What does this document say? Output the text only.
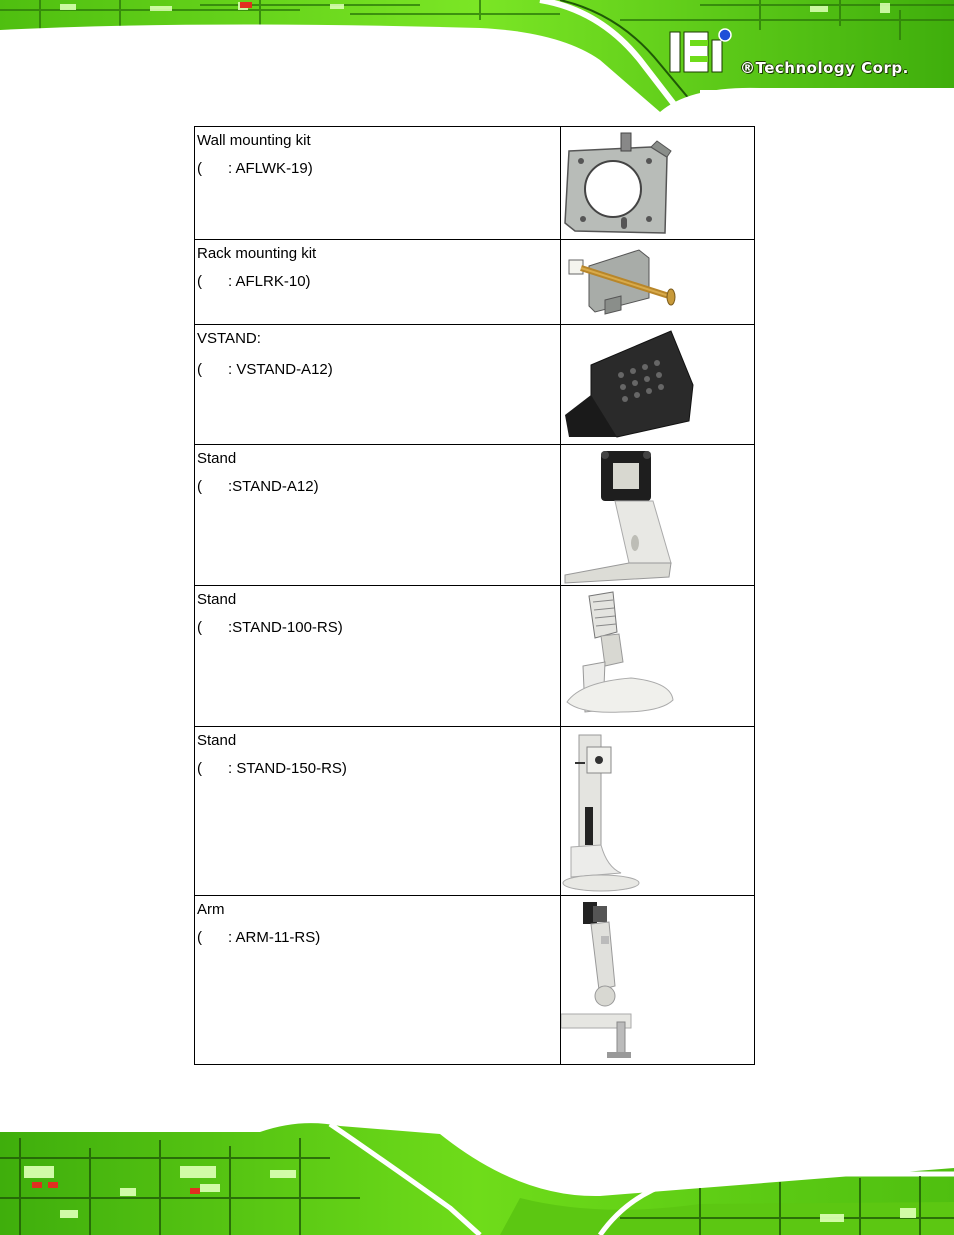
®Technology Corp.
Wall mounting kit
( : AFLWK-19)

Rack mounting kit
( : AFLRK-10)

VSTAND:
( : VSTAND-A12)

Stand
( :STAND-A12)

Stand
( :STAND-100-RS)

Stand
( : STAND-150-RS)

Arm
( : ARM-11-RS)
